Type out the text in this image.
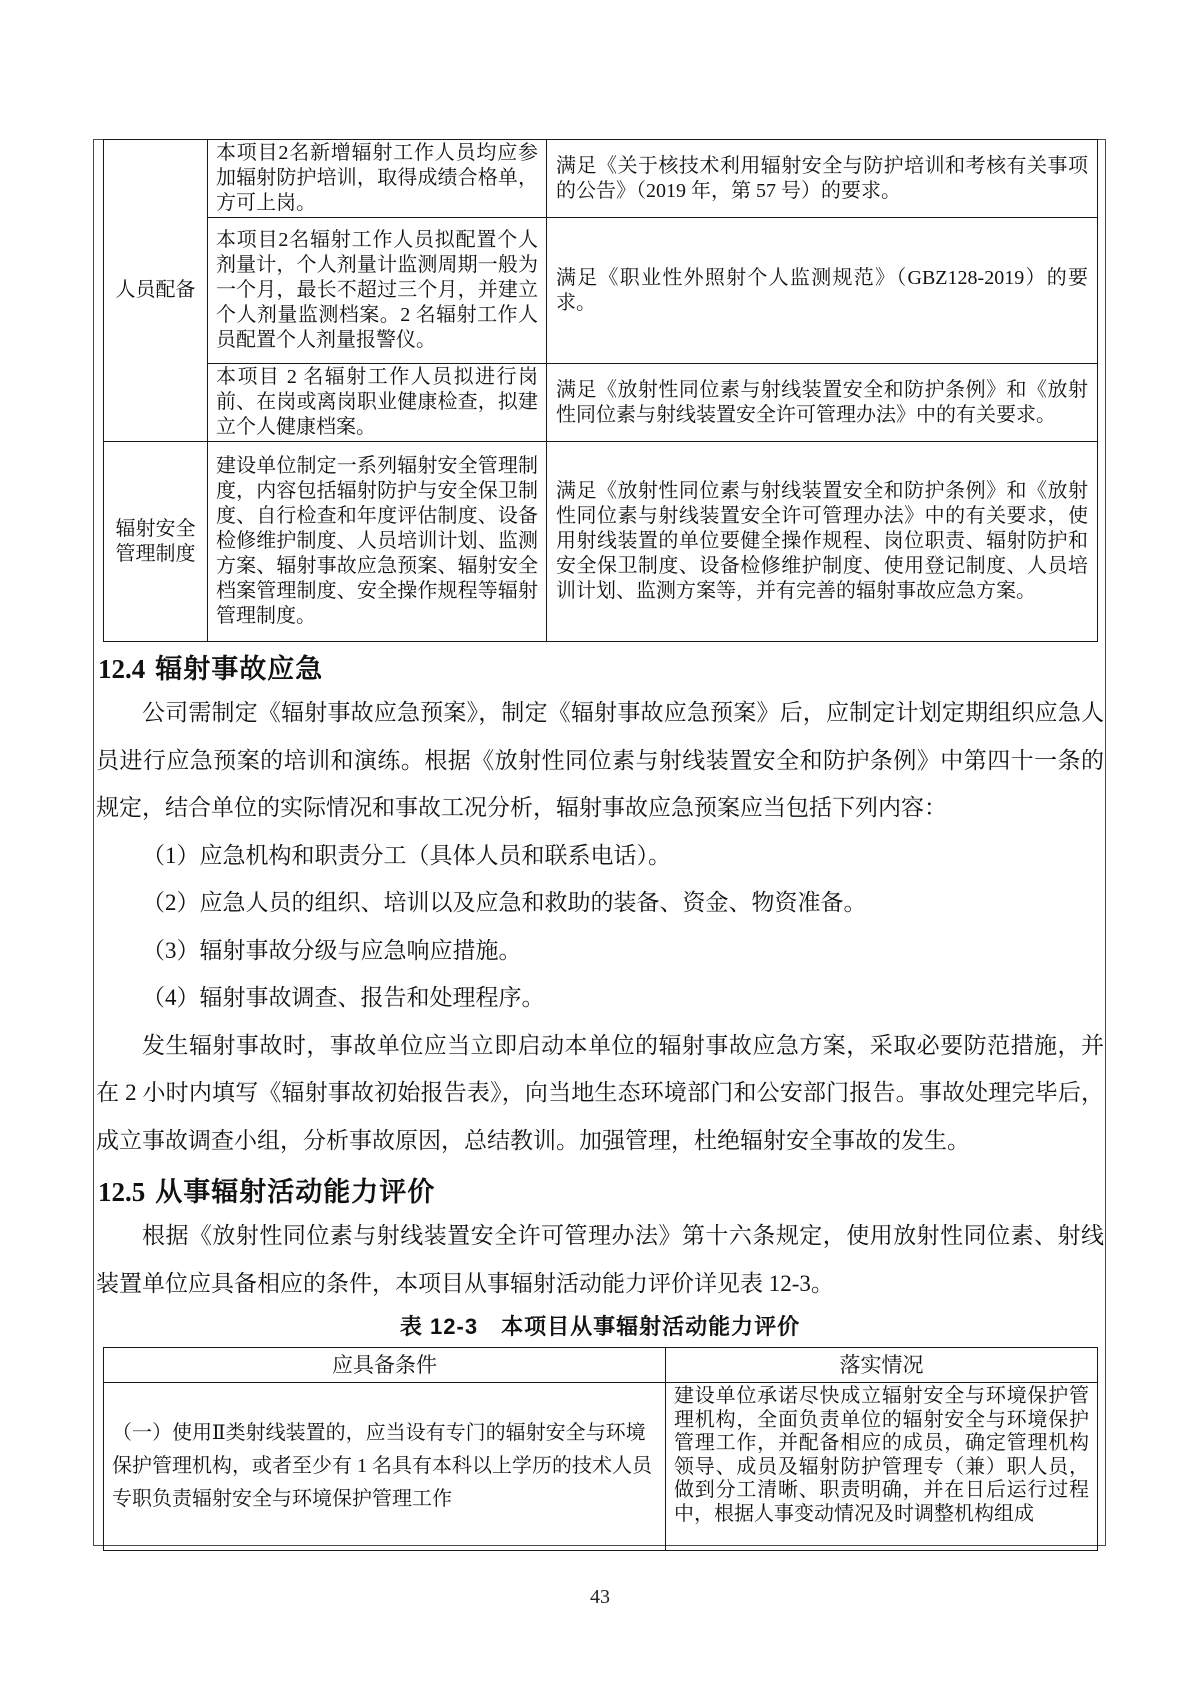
人员配备	本项目2名新增辐射工作人员均应参加辐射防护培训，取得成绩合格单，方可上岗。	满足《关于核技术利用辐射安全与防护培训和考核有关事项的公告》（2019 年，第 57 号）的要求。
	本项目2名辐射工作人员拟配置个人剂量计，个人剂量计监测周期一般为一个月，最长不超过三个月，并建立个人剂量监测档案。2 名辐射工作人员配置个人剂量报警仪。	满足《职业性外照射个人监测规范》（GBZ128-2019）的要求。
	本项目 2 名辐射工作人员拟进行岗前、在岗或离岗职业健康检查，拟建立个人健康档案。	满足《放射性同位素与射线装置安全和防护条例》和《放射性同位素与射线装置安全许可管理办法》中的有关要求。
辐射安全管理制度	建设单位制定一系列辐射安全管理制度，内容包括辐射防护与安全保卫制度、自行检查和年度评估制度、设备检修维护制度、人员培训计划、监测方案、辐射事故应急预案、辐射安全档案管理制度、安全操作规程等辐射管理制度。	满足《放射性同位素与射线装置安全和防护条例》和《放射性同位素与射线装置安全许可管理办法》中的有关要求，使用射线装置的单位要健全操作规程、岗位职责、辐射防护和安全保卫制度、设备检修维护制度、使用登记制度、人员培训计划、监测方案等，并有完善的辐射事故应急方案。
12.4 辐射事故应急

公司需制定《辐射事故应急预案》，制定《辐射事故应急预案》后，应制定计划定期组织应急人员进行应急预案的培训和演练。根据《放射性同位素与射线装置安全和防护条例》中第四十一条的规定，结合单位的实际情况和事故工况分析，辐射事故应急预案应当包括下列内容：

（1）应急机构和职责分工（具体人员和联系电话）。

（2）应急人员的组织、培训以及应急和救助的装备、资金、物资准备。

（3）辐射事故分级与应急响应措施。

（4）辐射事故调查、报告和处理程序。

发生辐射事故时，事故单位应当立即启动本单位的辐射事故应急方案，采取必要防范措施，并在 2 小时内填写《辐射事故初始报告表》，向当地生态环境部门和公安部门报告。事故处理完毕后，成立事故调查小组，分析事故原因，总结教训。加强管理，杜绝辐射安全事故的发生。

12.5 从事辐射活动能力评价

根据《放射性同位素与射线装置安全许可管理办法》第十六条规定，使用放射性同位素、射线装置单位应具备相应的条件，本项目从事辐射活动能力评价详见表 12-3。

表 12-3　本项目从事辐射活动能力评价
应具备条件	落实情况
（一）使用Ⅱ类射线装置的，应当设有专门的辐射安全与环境保护管理机构，或者至少有 1 名具有本科以上学历的技术人员专职负责辐射安全与环境保护管理工作	建设单位承诺尽快成立辐射安全与环境保护管理机构，全面负责单位的辐射安全与环境保护管理工作，并配备相应的成员，确定管理机构领导、成员及辐射防护管理专（兼）职人员，做到分工清晰、职责明确，并在日后运行过程中，根据人事变动情况及时调整机构组成
43
